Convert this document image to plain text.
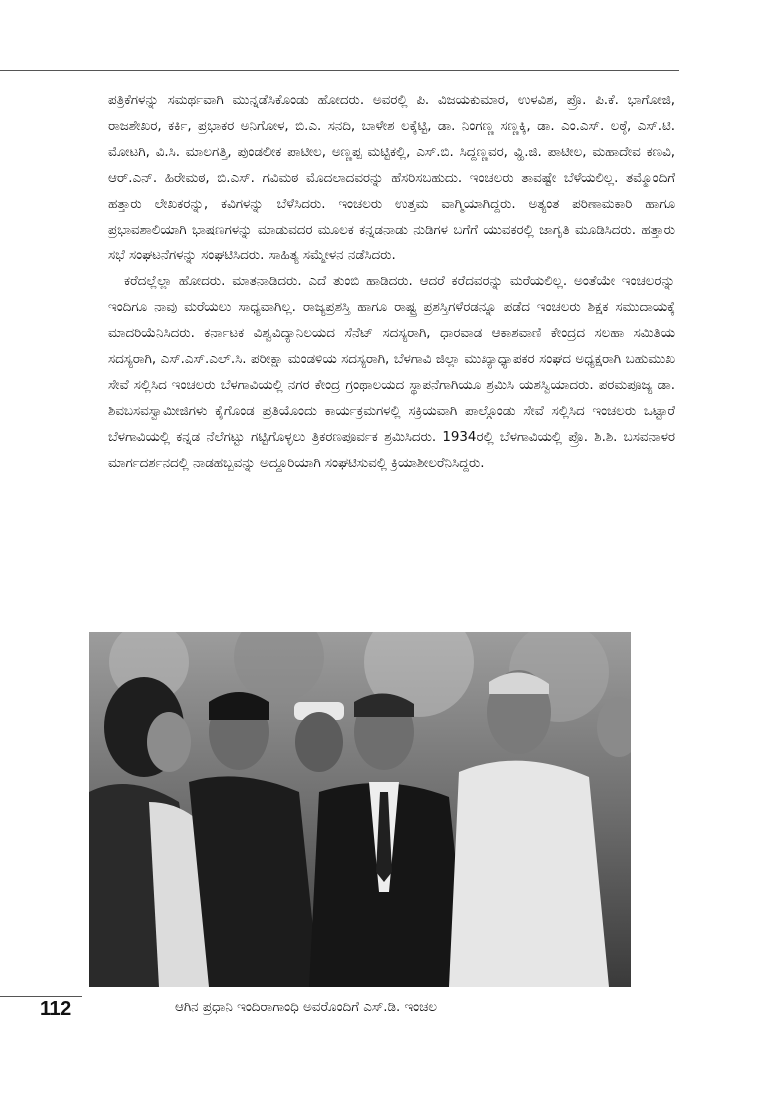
ಪತ್ರಿಕೆಗಳನ್ನು ಸಮರ್ಥವಾಗಿ ಮುನ್ನಡೆಸಿಕೊಂಡು ಹೋದರು. ಅವರಲ್ಲಿ ಪಿ. ವಿಜಯಕುಮಾರ, ಉಳವಿಶ, ಪ್ರೊ. ಪಿ.ಕೆ. ಭಾಗೋಜಿ, ರಾಜಶೇಖರ, ಕರ್ಕಿ, ಪ್ರಭಾಕರ ಅನಿಗೋಳ, ಬಿ.ಎ. ಸನದಿ, ಬಾಳೇಶ ಲಕ್ಕೆಟ್ಟಿ, ಡಾ. ನಿಂಗಣ್ಣ ಸಣ್ಣಕ್ಕಿ, ಡಾ. ಎಂ.ಎಸ್. ಲಠ್ಠೆ, ಎಸ್.ಟಿ. ಮೋಟಗಿ, ವಿ.ಸಿ. ಮಾಲಗತ್ತಿ, ಪುಂಡಲೀಕ ಪಾಟೀಲ, ಅಣ್ಣಪ್ಪ ಮಟ್ಟಿಕಲ್ಲಿ, ಎಸ್.ಬಿ. ಸಿದ್ದಣ್ಣವರ, ವ್ಹಿ.ಜಿ. ಪಾಟೀಲ, ಮಹಾದೇವ ಕಣವಿ, ಆರ್.ಎನ್. ಹಿರೇಮಠ, ಬಿ.ಎಸ್. ಗವಿಮಠ ಮೊದಲಾದವರನ್ನು ಹೆಸರಿಸಬಹುದು. ಇಂಚಲರು ತಾವಷ್ಟೇ ಬೆಳೆಯಲಿಲ್ಲ. ತಮ್ಮೊಂದಿಗೆ ಹತ್ತಾರು ಲೇಖಕರನ್ನು, ಕವಿಗಳನ್ನು ಬೆಳೆಸಿದರು. ಇಂಚಲರು ಉತ್ತಮ ವಾಗ್ಮಿಯಾಗಿದ್ದರು. ಅತ್ಯಂತ ಪರಿಣಾಮಕಾರಿ ಹಾಗೂ ಪ್ರಭಾವಶಾಲಿಯಾಗಿ ಭಾಷಣಗಳನ್ನು ಮಾಡುವದರ ಮೂಲಕ ಕನ್ನಡನಾಡು ನುಡಿಗಳ ಬಗೆಗೆ ಯುವಕರಲ್ಲಿ ಜಾಗೃತಿ ಮೂಡಿಸಿದರು. ಹತ್ತಾರು ಸಭೆ ಸಂಘಟನೆಗಳನ್ನು ಸಂಘಟಿಸಿದರು. ಸಾಹಿತ್ಯ ಸಮ್ಮೇಳನ ನಡೆಸಿದರು.

ಕರೆದಲ್ಲೆಲ್ಲಾ ಹೋದರು. ಮಾತನಾಡಿದರು. ಎದೆ ತುಂಬಿ ಹಾಡಿದರು. ಆದರೆ ಕರೆದವರನ್ನು ಮರೆಯಲಿಲ್ಲ. ಅಂತೆಯೇ ಇಂಚಲರನ್ನು ಇಂದಿಗೂ ನಾವು ಮರೆಯಲು ಸಾಧ್ಯವಾಗಿಲ್ಲ. ರಾಜ್ಯಪ್ರಶಸ್ತಿ ಹಾಗೂ ರಾಷ್ಟ್ರ ಪ್ರಶಸ್ತಿಗಳೆರಡನ್ನೂ ಪಡೆದ ಇಂಚಲರು ಶಿಕ್ಷಕ ಸಮುದಾಯಕ್ಕೆ ಮಾದರಿಯೆನಿಸಿದರು. ಕರ್ನಾಟಕ ವಿಶ್ವವಿದ್ಯಾನಿಲಯದ ಸೆನೆಟ್ ಸದಸ್ಯರಾಗಿ, ಧಾರವಾಡ ಆಕಾಶವಾಣಿ ಕೇಂದ್ರದ ಸಲಹಾ ಸಮಿತಿಯ ಸದಸ್ಯರಾಗಿ, ಎಸ್.ಎಸ್.ಎಲ್.ಸಿ. ಪರೀಕ್ಷಾ ಮಂಡಳಿಯ ಸದಸ್ಯರಾಗಿ, ಬೆಳಗಾವಿ ಜಿಲ್ಲಾ ಮುಖ್ಯಾಧ್ಯಾಪಕರ ಸಂಘದ ಅಧ್ಯಕ್ಷರಾಗಿ ಬಹುಮುಖ ಸೇವೆ ಸಲ್ಲಿಸಿದ ಇಂಚಲರು ಬೆಳಗಾವಿಯಲ್ಲಿ ನಗರ ಕೇಂದ್ರ ಗ್ರಂಥಾಲಯದ ಸ್ಥಾಪನೆಗಾಗಿಯೂ ಶ್ರಮಿಸಿ ಯಶಸ್ವಿಯಾದರು. ಪರಮಪೂಜ್ಯ ಡಾ. ಶಿವಬಸವಸ್ವಾಮೀಜಿಗಳು ಕೈಗೊಂಡ ಪ್ರತಿಯೊಂದು ಕಾರ್ಯಕ್ರಮಗಳಲ್ಲಿ ಸಕ್ರಿಯವಾಗಿ ಪಾಲ್ಗೊಂಡು ಸೇವೆ ಸಲ್ಲಿಸಿದ ಇಂಚಲರು ಒಟ್ಟಾರೆ ಬೆಳಗಾವಿಯಲ್ಲಿ ಕನ್ನಡ ನೆಲೆಗಟ್ಟು ಗಟ್ಟಿಗೊಳ್ಳಲು ತ್ರಿಕರಣಪೂರ್ವಕ ಶ್ರಮಿಸಿದರು. 1934ರಲ್ಲಿ ಬೆಳಗಾವಿಯಲ್ಲಿ ಪ್ರೊ. ಶಿ.ಶಿ. ಬಸವನಾಳರ ಮಾರ್ಗದರ್ಶನದಲ್ಲಿ ನಾಡಹಬ್ಬವನ್ನು ಅದ್ದೂರಿಯಾಗಿ ಸಂಘಟಿಸುವಲ್ಲಿ ಕ್ರಿಯಾಶೀಲರೆನಿಸಿದ್ದರು.

112	ಆಗಿನ ಪ್ರಧಾನಿ ಇಂದಿರಾಗಾಂಧಿ ಅವರೊಂದಿಗೆ ಎಸ್.ಡಿ. ಇಂಚಲ
